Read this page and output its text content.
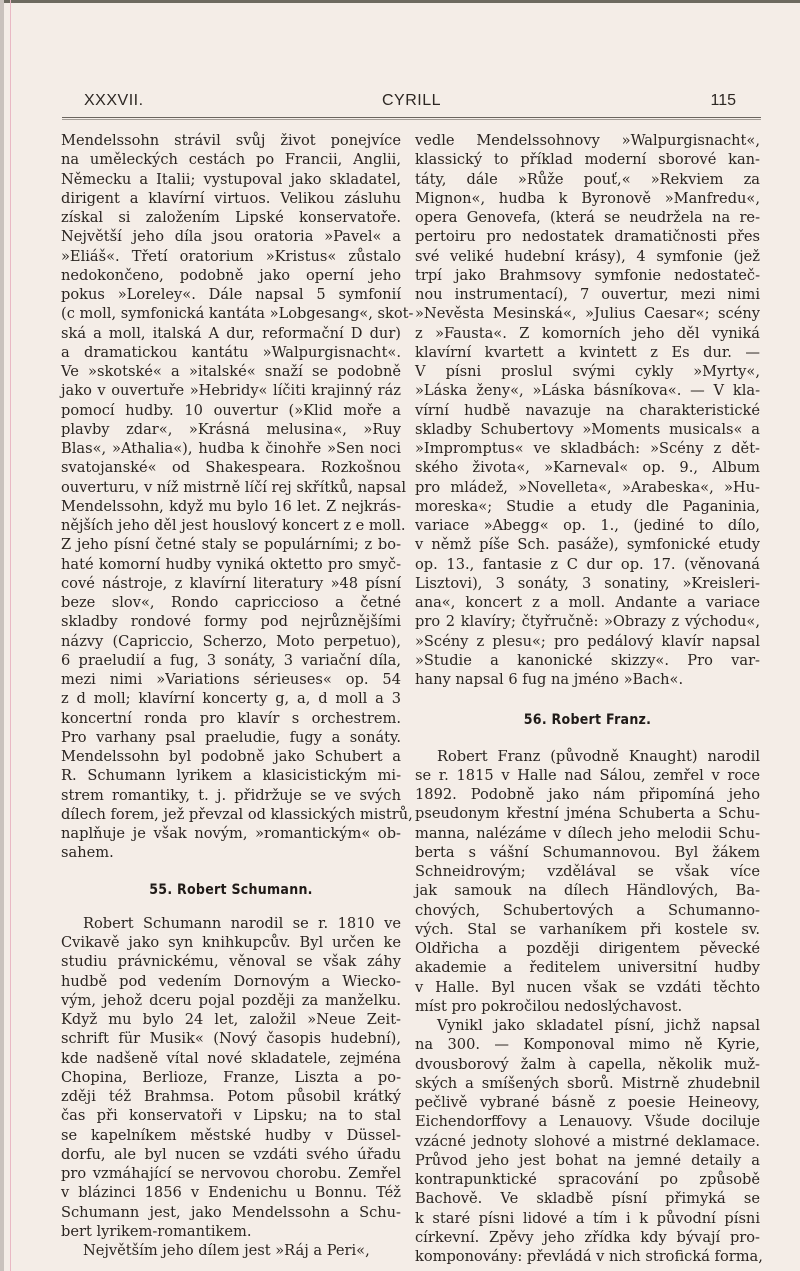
XXXVII.	CYRILL	115
Mendelssohn strávil svůj život ponejvíce
na uměleckých cestách po Francii, Anglii,
Německu a Italii; vystupoval jako skladatel,
dirigent a klavírní virtuos. Velikou zásluhu
získal si založením Lipské konservatoře.
Největší jeho díla jsou oratoria »Pavel« a
»Eliáš«. Třetí oratorium »Kristus« zůstalo
nedokončeno, podobně jako operní jeho
pokus »Loreley«. Dále napsal 5 symfonií
(c moll, symfonická kantáta »Lobgesang«, skot-
ská a moll, italská A dur, reformační D dur)
a dramatickou kantátu »Walpurgisnacht«.
Ve »skotské« a »italské« snaží se podobně
jako v ouvertuře »Hebridy« líčiti krajinný ráz
pomocí hudby. 10 ouvertur (»Klid moře a
plavby zdar«, »Krásná melusina«, »Ruy
Blas«, »Athalia«), hudba k činohře »Sen noci
svatojanské« od Shakespeara. Rozkošnou
ouverturu, v níž mistrně líčí rej skřítků, napsal
Mendelssohn, když mu bylo 16 let. Z nejkrás-
nějších jeho děl jest houslový koncert z e moll.
Z jeho písní četné staly se populárními; z bo-
haté komorní hudby vyniká oktetto pro smyč-
cové nástroje, z klavírní literatury »48 písní
beze slov«, Rondo capriccioso a četné
skladby rondové formy pod nejrůznějšími
názvy (Capriccio, Scherzo, Moto perpetuo),
6 praeludií a fug, 3 sonáty, 3 variační díla,
mezi nimi »Variations sérieuses« op. 54
z d moll; klavírní koncerty g, a, d moll a 3
koncertní ronda pro klavír s orchestrem.
Pro varhany psal praeludie, fugy a sonáty.
Mendelssohn byl podobně jako Schubert a
R. Schumann lyrikem a klasicistickým mi-
strem romantiky, t. j. přidržuje se ve svých
dílech forem, jež převzal od klassických mistrů,
naplňuje je však novým, »romantickým« ob-
sahem.
55. Robert Schumann.
Robert Schumann narodil se r. 1810 ve
Cvikavě jako syn knihkupcův. Byl určen ke
studiu právnickému, věnoval se však záhy
hudbě pod vedením Dornovým a Wiecko-
vým, jehož dceru pojal později za manželku.
Když mu bylo 24 let, založil »Neue Zeit-
schrift für Musik« (Nový časopis hudební),
kde nadšeně vítal nové skladatele, zejména
Chopina, Berlioze, Franze, Liszta a po-
zději též Brahmsa. Potom působil krátký
čas při konservatoři v Lipsku; na to stal
se kapelníkem městské hudby v Düssel-
dorfu, ale byl nucen se vzdáti svého úřadu
pro vzmáhající se nervovou chorobu. Zemřel
v blázinci 1856 v Endenichu u Bonnu. Též
Schumann jest, jako Mendelssohn a Schu-
bert lyrikem-romantikem.
Největším jeho dílem jest »Ráj a Peri«,
vedle Mendelssohnovy »Walpurgisnacht«,
klassický to příklad moderní sborové kan-
táty, dále »Růže pouť,« »Rekviem za
Mignon«, hudba k Byronově »Manfredu«,
opera Genovefa, (která se neudržela na re-
pertoiru pro nedostatek dramatičnosti přes
své veliké hudební krásy), 4 symfonie (jež
trpí jako Brahmsovy symfonie nedostateč-
nou instrumentací), 7 ouvertur, mezi nimi
»Nevěsta Mesinská«, »Julius Caesar«; scény
z »Fausta«. Z komorních jeho děl vyniká
klavírní kvartett a kvintett z Es dur. —
V písni proslul svými cykly »Myrty«,
»Láska ženy«, »Láska básníkova«. — V kla-
vírní hudbě navazuje na charakteristické
skladby Schubertovy »Moments musicals« a
»Impromptus« ve skladbách: »Scény z dět-
ského života«, »Karneval« op. 9., Album
pro mládež, »Novelleta«, »Arabeska«, »Hu-
moreska«; Studie a etudy dle Paganinia,
variace »Abegg« op. 1., (jediné to dílo,
v němž píše Sch. pasáže), symfonické etudy
op. 13., fantasie z C dur op. 17. (věnovaná
Lisztovi), 3 sonáty, 3 sonatiny, »Kreisleri-
ana«, koncert z a moll. Andante a variace
pro 2 klavíry; čtyřručně: »Obrazy z východu«,
»Scény z plesu«; pro pedálový klavír napsal
»Studie a kanonické skizzy«. Pro var-
hany napsal 6 fug na jméno »Bach«.
56. Robert Franz.
Robert Franz (původně Knaught) narodil
se r. 1815 v Halle nad Sálou, zemřel v roce
1892. Podobně jako nám připomíná jeho
pseudonym křestní jména Schuberta a Schu-
manna, nalézáme v dílech jeho melodii Schu-
berta s vášní Schumannovou. Byl žákem
Schneidrovým; vzdělával se však více
jak samouk na dílech Händlových, Ba-
chových, Schubertových a Schumanno-
vých. Stal se varhaníkem při kostele sv.
Oldřicha a později dirigentem pěvecké
akademie a ředitelem universitní hudby
v Halle. Byl nucen však se vzdáti těchto
míst pro pokročilou nedoslýchavost.
Vynikl jako skladatel písní, jichž napsal
na 300. — Komponoval mimo ně Kyrie,
dvousborový žalm à capella, několik muž-
ských a smíšených sborů. Mistrně zhudebnil
pečlivě vybrané básně z poesie Heineovy,
Eichendorffovy a Lenauovy. Všude dociluje
vzácné jednoty slohové a mistrné deklamace.
Průvod jeho jest bohat na jemné detaily a
kontrapunktické spracování po způsobě
Bachově. Ve skladbě písní přimyká se
k staré písni lidové a tím i k původní písni
církevní. Zpěvy jeho zřídka kdy bývají pro-
komponovány: převládá v nich strofická forma,
